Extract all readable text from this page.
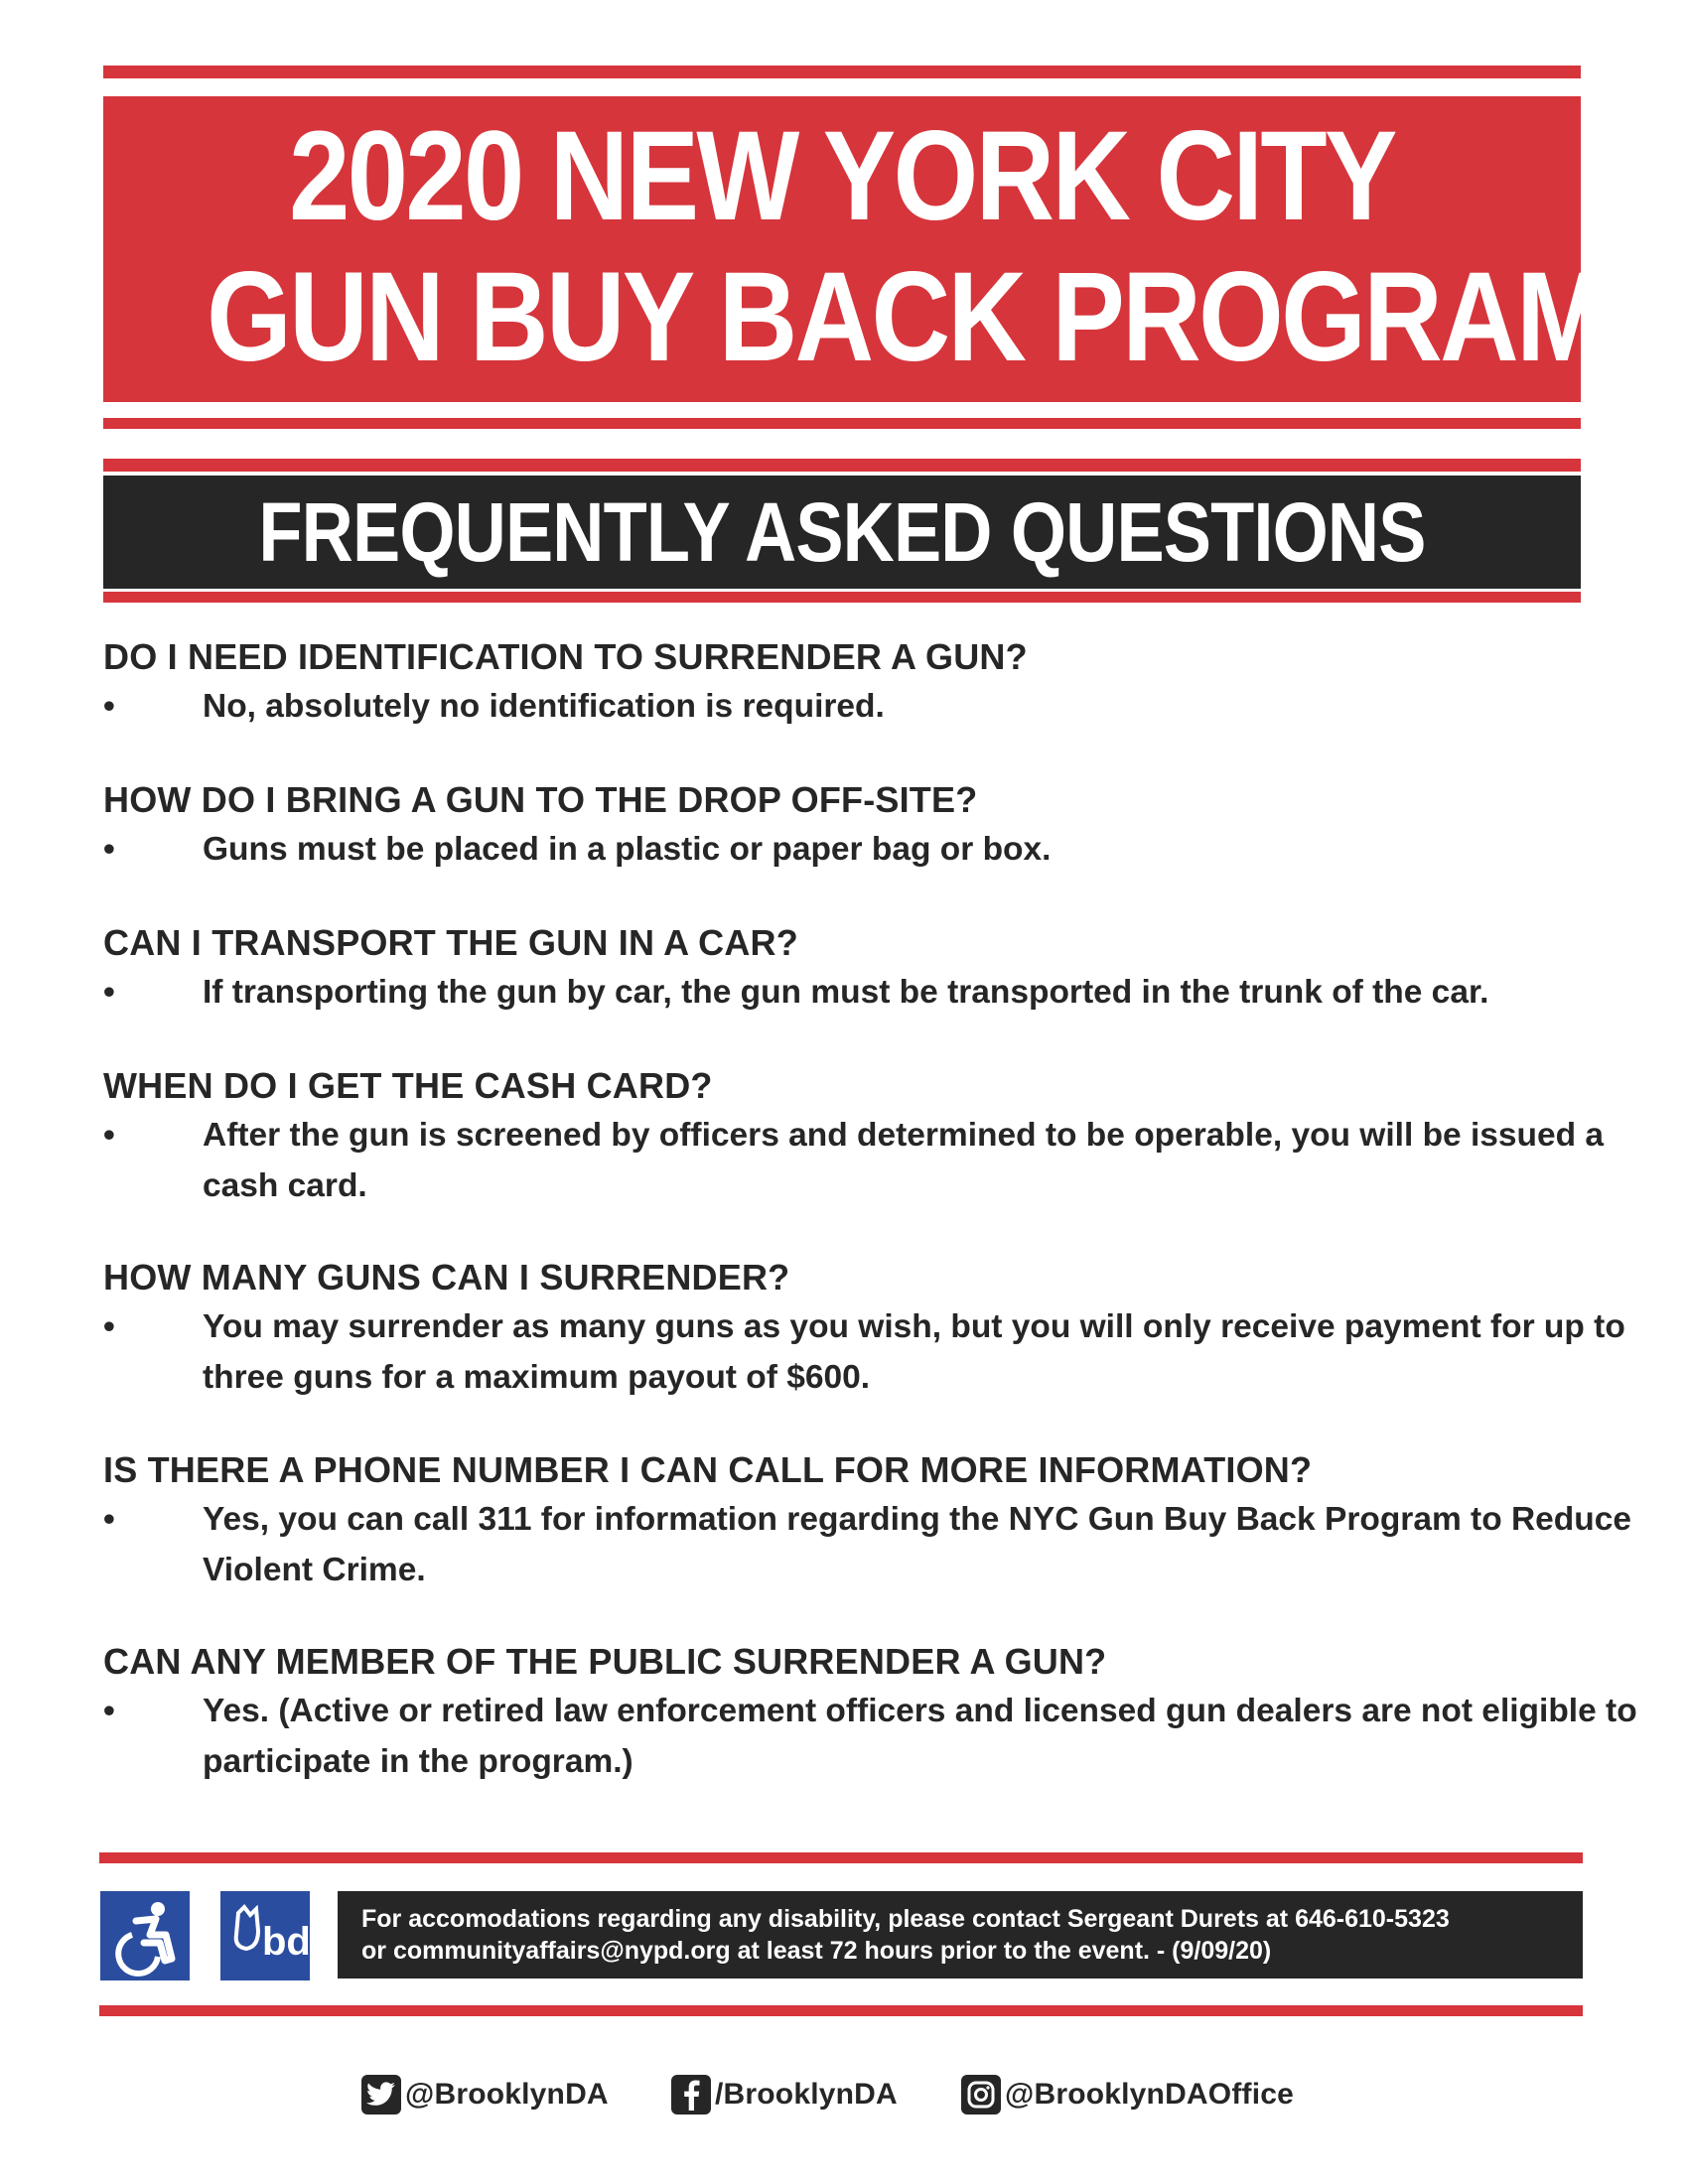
2020 NEW YORK CITY
GUN BUY BACK PROGRAM
FREQUENTLY ASKED QUESTIONS
DO I NEED IDENTIFICATION TO SURRENDER A GUN?
•	No, absolutely no identification is required.
HOW DO I BRING A GUN TO THE DROP OFF-SITE?
•	Guns must be placed in a plastic or paper bag or box.
CAN I TRANSPORT THE GUN IN A CAR?
•	If transporting the gun by car, the gun must be transported in the trunk of the car.
WHEN DO I GET THE CASH CARD?
•	After the gun is screened by officers and determined to be operable, you will be issued a cash card.
HOW MANY GUNS CAN I SURRENDER?
•	You may surrender as many guns as you wish, but you will only receive payment for up to three guns for a maximum payout of $600.
IS THERE A PHONE NUMBER I CAN CALL FOR MORE INFORMATION?
•	Yes, you can call 311 for information regarding the NYC Gun Buy Back Program to Reduce Violent Crime.
CAN ANY MEMBER OF THE PUBLIC SURRENDER A GUN?
•	Yes. (Active or retired law enforcement officers and licensed gun dealers are not eligible to participate in the program.)
bd
For accomodations regarding any disability, please contact Sergeant Durets at 646-610-5323
or communityaffairs@nypd.org at least 72 hours prior to the event. - (9/09/20)
@BrooklynDA	/BrooklynDA	@BrooklynDAOffice
